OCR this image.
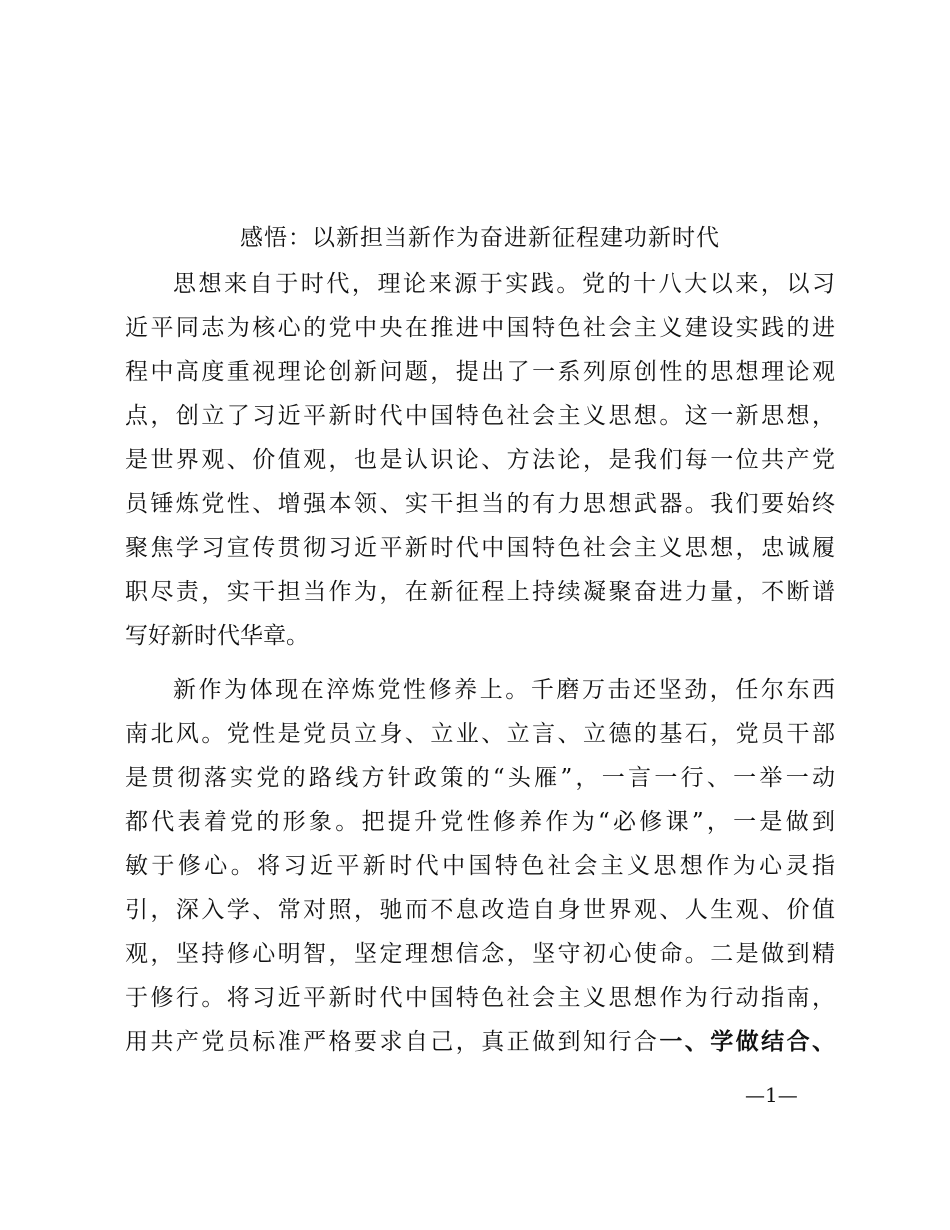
感悟：以新担当新作为奋进新征程建功新时代
思想来自于时代，理论来源于实践。党的十八大以来，以习
近平同志为核心的党中央在推进中国特色社会主义建设实践的进
程中高度重视理论创新问题，提出了一系列原创性的思想理论观
点，创立了习近平新时代中国特色社会主义思想。这一新思想，
是世界观、价值观，也是认识论、方法论，是我们每一位共产党
员锤炼党性、增强本领、实干担当的有力思想武器。我们要始终
聚焦学习宣传贯彻习近平新时代中国特色社会主义思想，忠诚履
职尽责，实干担当作为，在新征程上持续凝聚奋进力量，不断谱
写好新时代华章。
新作为体现在淬炼党性修养上。千磨万击还坚劲，任尔东西
南北风。党性是党员立身、立业、立言、立德的基石，党员干部
是贯彻落实党的路线方针政策的“头雁”，一言一行、一举一动
都代表着党的形象。把提升党性修养作为“必修课”，一是做到
敏于修心。将习近平新时代中国特色社会主义思想作为心灵指
引，深入学、常对照，驰而不息改造自身世界观、人生观、价值
观，坚持修心明智，坚定理想信念，坚守初心使命。二是做到精
于修行。将习近平新时代中国特色社会主义思想作为行动指南，
用共产党员标准严格要求自己，真正做到知行合一、学做结合、
—1—
